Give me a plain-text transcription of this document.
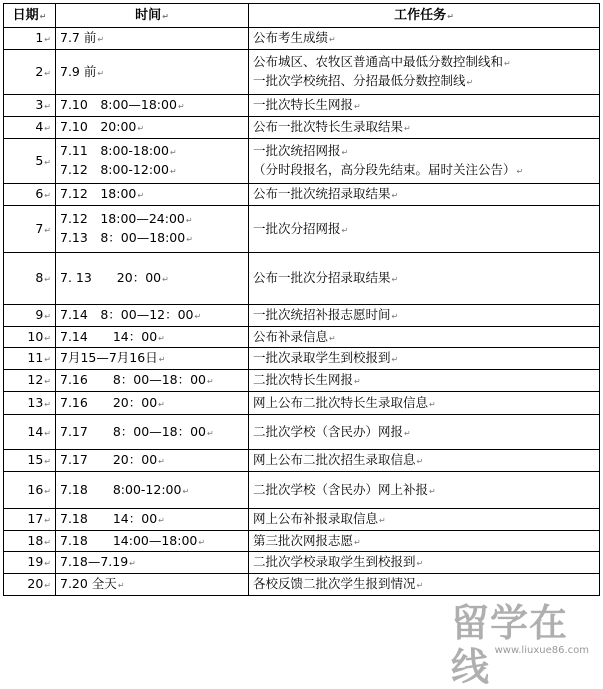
日期↵	时间↵	工作任务↵
1↵	7.7 前↵	公布考生成绩↵

2↵	7.9 前↵	公布城区、农牧区普通高中最低分数控制线和↵
一批次学校统招、分招最低分数控制线↵

3↵	7.10　8:00—18:00↵	一批次特长生网报↵

4↵	7.10　20:00↵	公布一批次特长生录取结果↵

5↵	7.11　8:00-18:00↵
7.12　8:00-12:00↵	一批次统招网报↵
（分时段报名，高分段先结束。届时关注公告）↵

6↵	7.12　18:00↵	公布一批次统招录取结果↵

7↵	7.12　18:00—24:00↵
7.13　8：00—18:00↵	一批次分招网报↵

8↵	7. 13　　20：00↵	公布一批次分招录取结果↵

9↵	7.14　8：00—12：00↵	一批次统招补报志愿时间↵

10↵	7.14　　14：00↵	公布补录信息↵

11↵	7月15—7月16日↵	一批次录取学生到校报到↵

12↵	7.16　　8：00—18：00↵	二批次特长生网报↵

13↵	7.16　　20：00↵	网上公布二批次特长生录取信息↵

14↵	7.17　　8：00—18：00↵	二批次学校（含民办）网报↵

15↵	7.17　　20：00↵	网上公布二批次招生录取信息↵

16↵	7.18　　8:00-12:00↵	二批次学校（含民办）网上补报↵

17↵	7.18　　14：00↵	网上公布补报录取信息↵

18↵	7.18　　14:00—18:00↵	第三批次网报志愿↵

19↵	7.18—7.19↵	二批次学校录取学生到校报到↵

20↵	7.20 全天↵	各校反馈二批次学生报到情况↵
留学在线 www.liuxue86.com
